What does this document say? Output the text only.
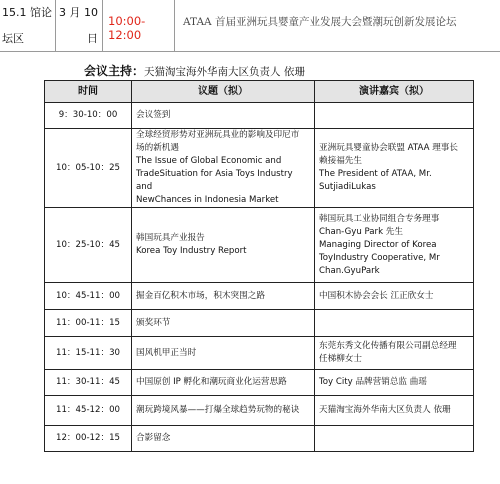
15.1 馆论坛区
3 月 10 日
10:00-12:00
ATAA 首届亚洲玩具婴童产业发展大会暨潮玩创新发展论坛
会议主持：天猫淘宝海外华南大区负责人 依珊
时间	议题（拟）	演讲嘉宾（拟）
9：30-10：00	会议签到	
10：05-10：25	全球经贸形势对亚洲玩具业的影响及印尼市
场的新机遇
The Issue of Global Economic and
TradeSituation for Asia Toys Industry and
NewChances in Indonesia Market	亚洲玩具婴童协会联盟 ATAA 理事长
赖接福先生
The President of ATAA, Mr.
SutjiadiLukas
10：25-10：45	韩国玩具产业报告
Korea Toy Industry Report	韩国玩具工业协同组合专务理事
Chan-Gyu Park 先生
Managing Director of Korea
ToyIndustry Cooperative, Mr
Chan.GyuPark
10：45-11：00	掘金百亿积木市场，积木突围之路	中国积木协会会长 江正欣女士
11：00-11：15	颁奖环节	
11：15-11：30	国风机甲正当时	东莞东秀文化传播有限公司副总经理
任梯柳女士
11：30-11：45	中国原创 IP 孵化和潮玩商业化运营思路	Toy City 品牌营销总监 曲瑶
11：45-12：00	潮玩跨境风暴——打爆全球趋势玩物的秘诀	天猫淘宝海外华南大区负责人 依珊
12：00-12：15	合影留念	
